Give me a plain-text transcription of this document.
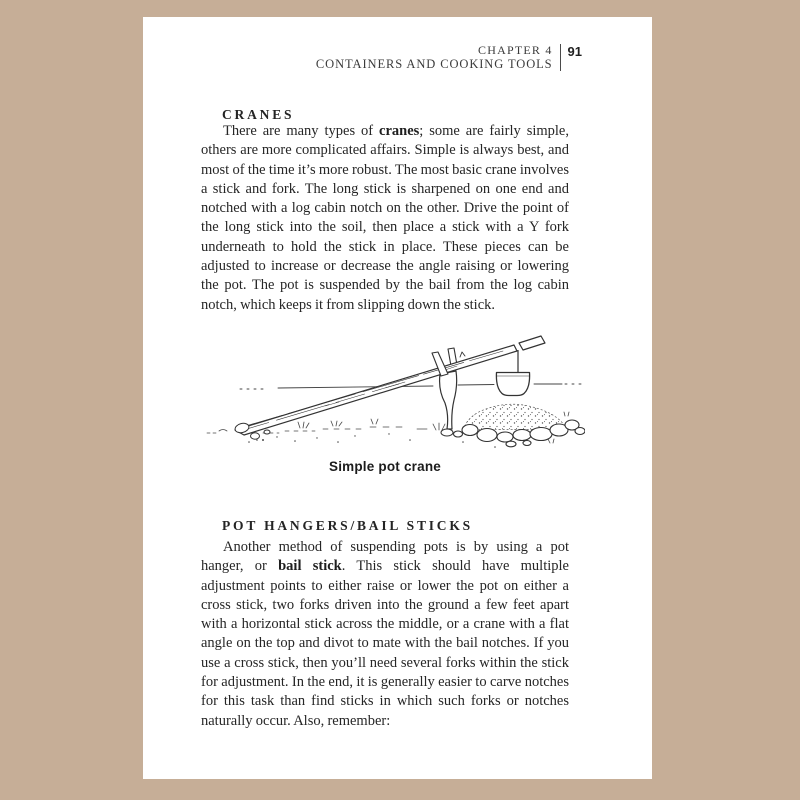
CHAPTER 4
CONTAINERS AND COOKING TOOLS
91
CRANES

There are many types of cranes; some are fairly simple, others are more complicated affairs. Simple is always best, and most of the time it’s more robust. The most basic crane involves a stick and fork. The long stick is sharpened on one end and notched with a log cabin notch on the other. Drive the point of the long stick into the soil, then place a stick with a Y fork underneath to hold the stick in place. These pieces can be adjusted to increase or decrease the angle raising or lowering the pot. The pot is suspended by the bail from the log cabin notch, which keeps it from slipping down the stick.

Simple pot crane
POT HANGERS/BAIL STICKS

Another method of suspending pots is by using a pot hanger, or bail stick. This stick should have multiple adjustment points to either raise or lower the pot on either a cross stick, two forks driven into the ground a few feet apart with a horizontal stick across the middle, or a crane with a flat angle on the top and divot to mate with the bail notches. If you use a cross stick, then you’ll need several forks within the stick for adjustment. In the end, it is generally easier to carve notches for this task than find sticks in which such forks or notches naturally occur. Also, remember:
